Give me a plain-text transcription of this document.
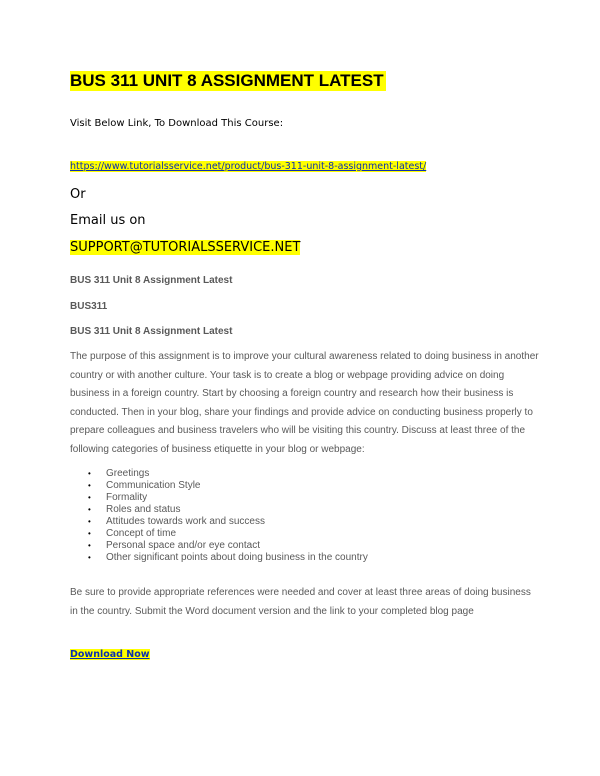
BUS 311 UNIT 8 ASSIGNMENT LATEST
Visit Below Link, To Download This Course:
https://www.tutorialsservice.net/product/bus-311-unit-8-assignment-latest/
Or
Email us on
SUPPORT@TUTORIALSSERVICE.NET
BUS 311 Unit 8 Assignment Latest
BUS311
BUS 311 Unit 8 Assignment Latest

The purpose of this assignment is to improve your cultural awareness related to doing business in another country or with another culture. Your task is to create a blog or webpage providing advice on doing business in a foreign country. Start by choosing a foreign country and research how their business is conducted. Then in your blog, share your findings and provide advice on conducting business properly to prepare colleagues and business travelers who will be visiting this country. Discuss at least three of the following categories of business etiquette in your blog or webpage:

• Greetings
• Communication Style
• Formality
• Roles and status
• Attitudes towards work and success
• Concept of time
• Personal space and/or eye contact
• Other significant points about doing business in the country

Be sure to provide appropriate references were needed and cover at least three areas of doing business in the country. Submit the Word document version and the link to your completed blog page

Download Now
